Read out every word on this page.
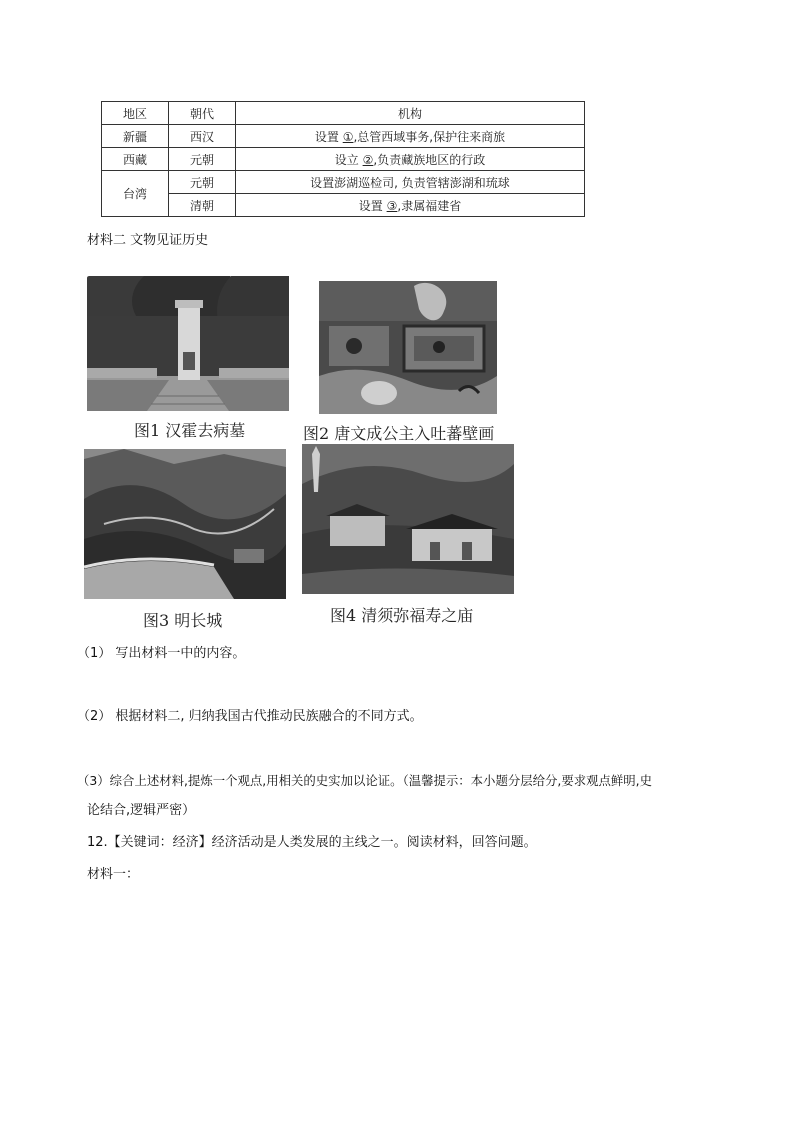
地区	朝代	机构
新疆	西汉	设置 ①,总管西域事务,保护往来商旅
西藏	元朝	设立 ②,负责藏族地区的行政
台湾	元朝	设置澎湖巡检司, 负责管辖澎湖和琉球
	清朝	设置 ③,隶属福建省
材料二 文物见证历史
图1 汉霍去病墓	图2 唐文成公主入吐蕃壁画
图3 明长城	图4 清须弥福寿之庙
（1） 写出材料一中的内容。
（2） 根据材料二, 归纳我国古代推动民族融合的不同方式。
（3）综合上述材料,提炼一个观点,用相关的史实加以论证。（温馨提示：本小题分层给分,要求观点鲜明,史
论结合,逻辑严密）
12.【关键词：经济】经济活动是人类发展的主线之一。阅读材料，回答问题。
材料一：
